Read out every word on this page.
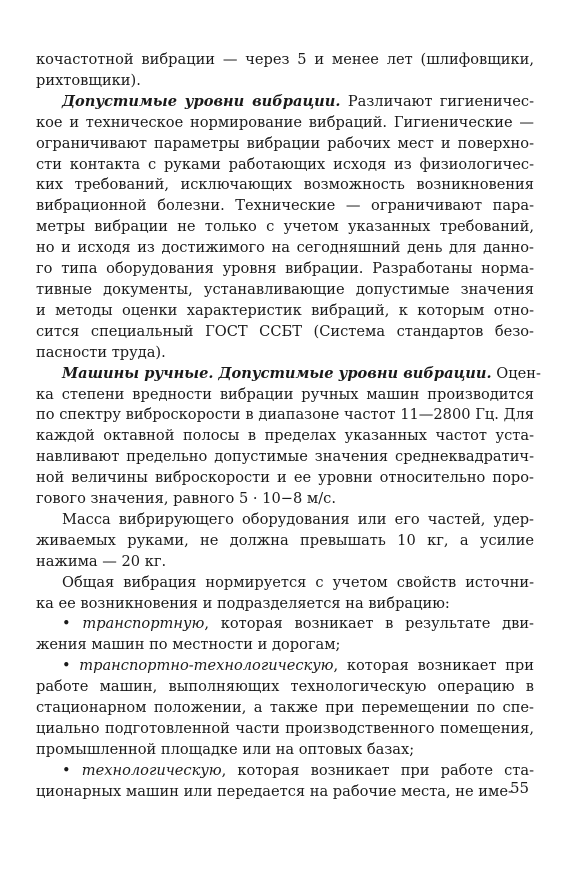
кочастотной вибрации — через 5 и менее лет (шлифовщики,
рихтовщики).
Допустимые уровни вибрации. Различают гигиеничес-
кое и техническое нормирование вибраций. Гигиенические —
ограничивают параметры вибрации рабочих мест и поверхно-
сти контакта с руками работающих исходя из физиологичес-
ких требований, исключающих возможность возникновения
вибрационной болезни. Технические — ограничивают пара-
метры вибрации не только с учетом указанных требований,
но и исходя из достижимого на сегодняшний день для данно-
го типа оборудования уровня вибрации. Разработаны норма-
тивные документы, устанавливающие допустимые значения
и методы оценки характеристик вибраций, к которым отно-
сится специальный ГОСТ ССБТ (Система стандартов безо-
пасности труда).
Машины ручные. Допустимые уровни вибрации. Оцен-
ка степени вредности вибрации ручных машин производится
по спектру виброскорости в диапазоне частот 11—2800 Гц. Для
каждой октавной полосы в пределах указанных частот уста-
навливают предельно допустимые значения среднеквадратич-
ной величины виброскорости и ее уровни относительно поро-
гового значения, равного 5 · 10−8 м/с.
Масса вибрирующего оборудования или его частей, удер-
живаемых руками, не должна превышать 10 кг, а усилие
нажима — 20 кг.
Общая вибрация нормируется с учетом свойств источни-
ка ее возникновения и подразделяется на вибрацию:
• транспортную, которая возникает в результате дви-
жения машин по местности и дорогам;
• транспортно-технологическую, которая возникает при
работе машин, выполняющих технологическую операцию в
стационарном положении, а также при перемещении по спе-
циально подготовленной части производственного помещения,
промышленной площадке или на оптовых базах;
• технологическую, которая возникает при работе ста-
ционарных машин или передается на рабочие места, не име-
55
